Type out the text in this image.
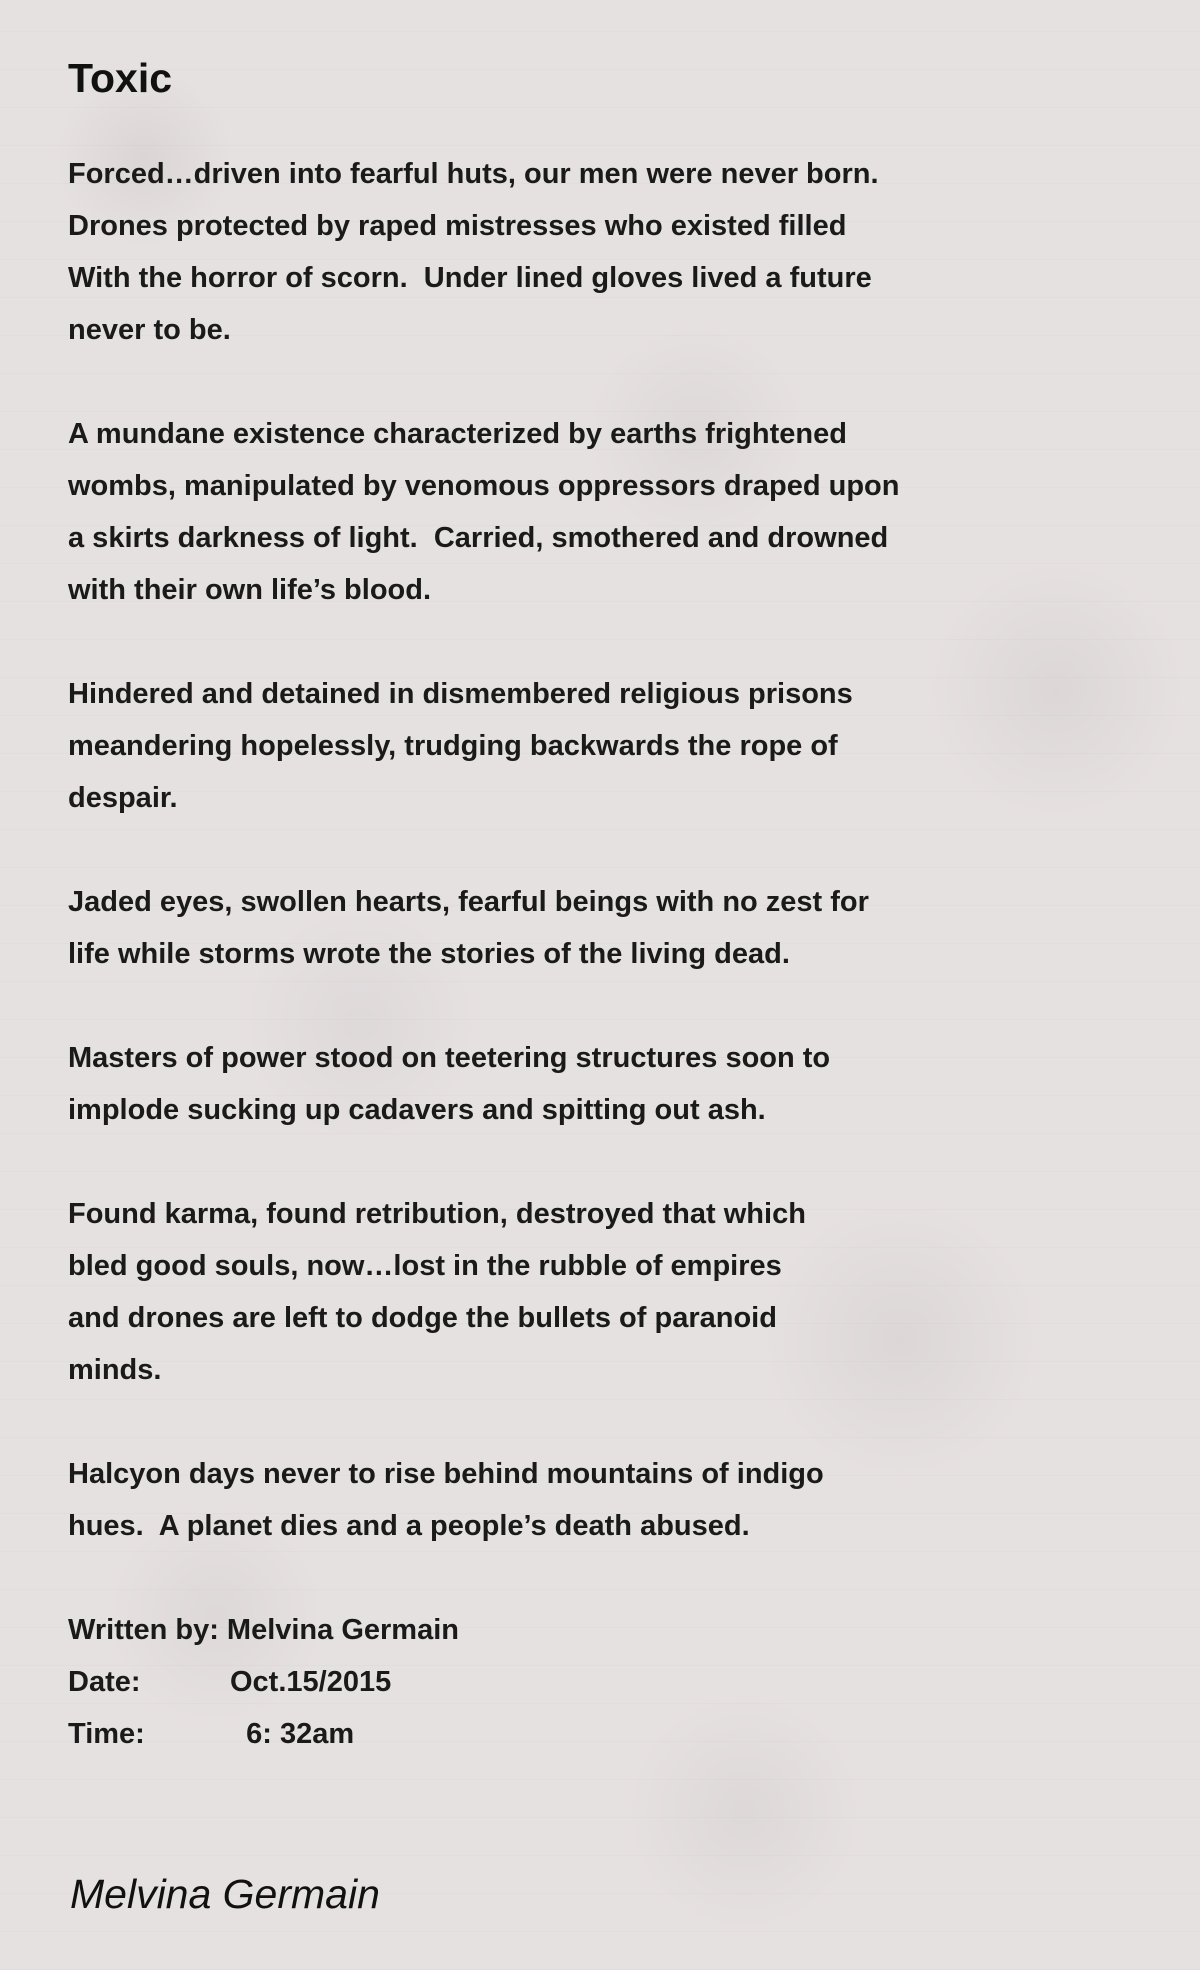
Toxic
Forced…driven into fearful huts, our men were never born.
Drones protected by raped mistresses who existed filled
With the horror of scorn.  Under lined gloves lived a future
never to be.
A mundane existence characterized by earths frightened
wombs, manipulated by venomous oppressors draped upon
a skirts darkness of light.  Carried, smothered and drowned
with their own life’s blood.
Hindered and detained in dismembered religious prisons
meandering hopelessly, trudging backwards the rope of
despair.
Jaded eyes, swollen hearts, fearful beings with no zest for
life while storms wrote the stories of the living dead.
Masters of power stood on teetering structures soon to
implode sucking up cadavers and spitting out ash.
Found karma, found retribution, destroyed that which
bled good souls, now…lost in the rubble of empires
and drones are left to dodge the bullets of paranoid
minds.
Halcyon days never to rise behind mountains of indigo
hues.  A planet dies and a people’s death abused.
Written by: Melvina Germain
Date:	Oct.15/2015
Time:	6: 32am
Melvina Germain
